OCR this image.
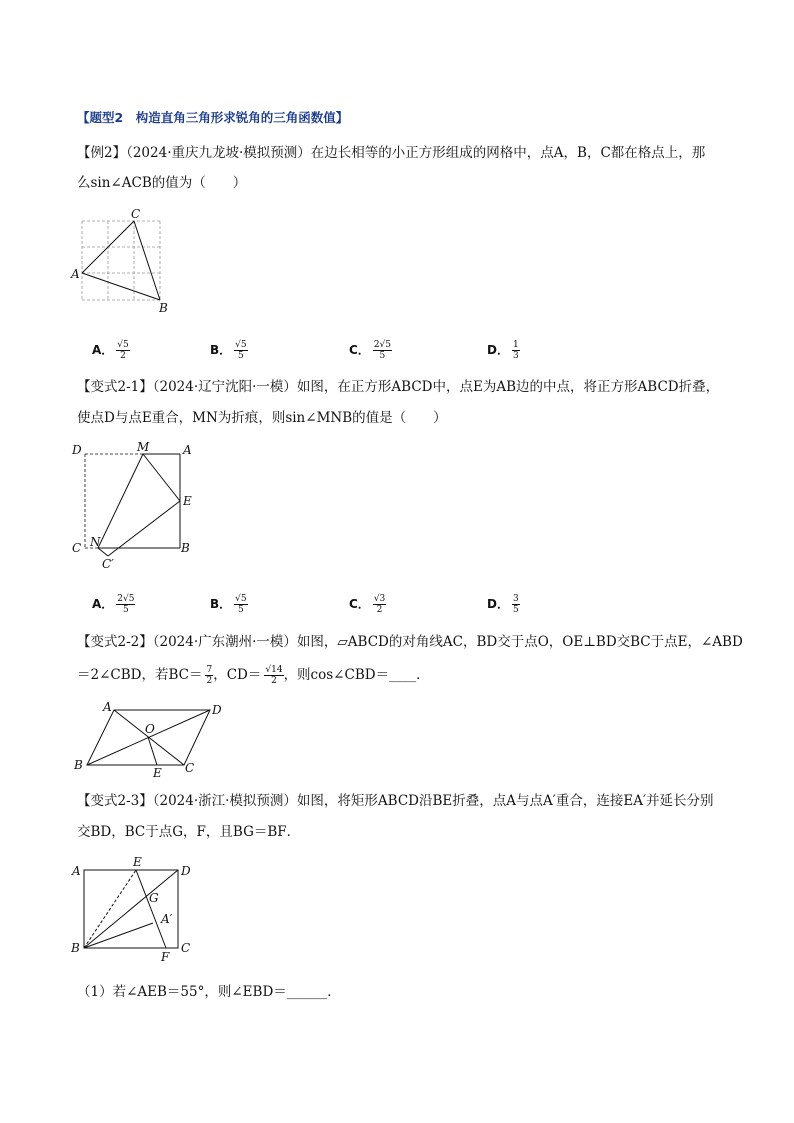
【题型2　构造直角三角形求锐角的三角函数值】
【例2】（2024·重庆九龙坡·模拟预测）在边长相等的小正方形组成的网格中，点A，B，C都在格点上，那
么sin∠ACB的值为（　　）
A
B
C
A． $\frac{√5}{2}$	B． $\frac{√5}{5}$	C． $\frac{2√5}{5}$	D． $\frac{1}{3}$
【变式2-1】（2024·辽宁沈阳·一模）如图，在正方形ABCD中，点E为AB边的中点，将正方形ABCD折叠，
使点D与点E重合，MN为折痕，则sin∠MNB的值是（　　）
D	M	A
E
C N	B
C′
A． $\frac{2√5}{5}$	B． $\frac{√5}{5}$	C． $\frac{√3}{2}$	D． $\frac{3}{5}$
【变式2-2】（2024·广东潮州·一模）如图，▱ABCD的对角线AC，BD交于点O，OE⊥BD交BC于点E，∠ABD
＝2∠CBD，若$BC= \frac{7}{2}$ ，$CD= \frac{√14}{2}$ ，则cos∠CBD＝____．
A	D
O
B
E C
【变式2-3】（2024·浙江·模拟预测）如图，将矩形ABCD沿BE折叠，点A与点A′重合，连接EA′并延长分别
交BD，BC于点G，F，且BG＝BF．
A
E
D
G
A′
B
F
C
（1）若∠AEB＝55°，则∠EBD＝______．
